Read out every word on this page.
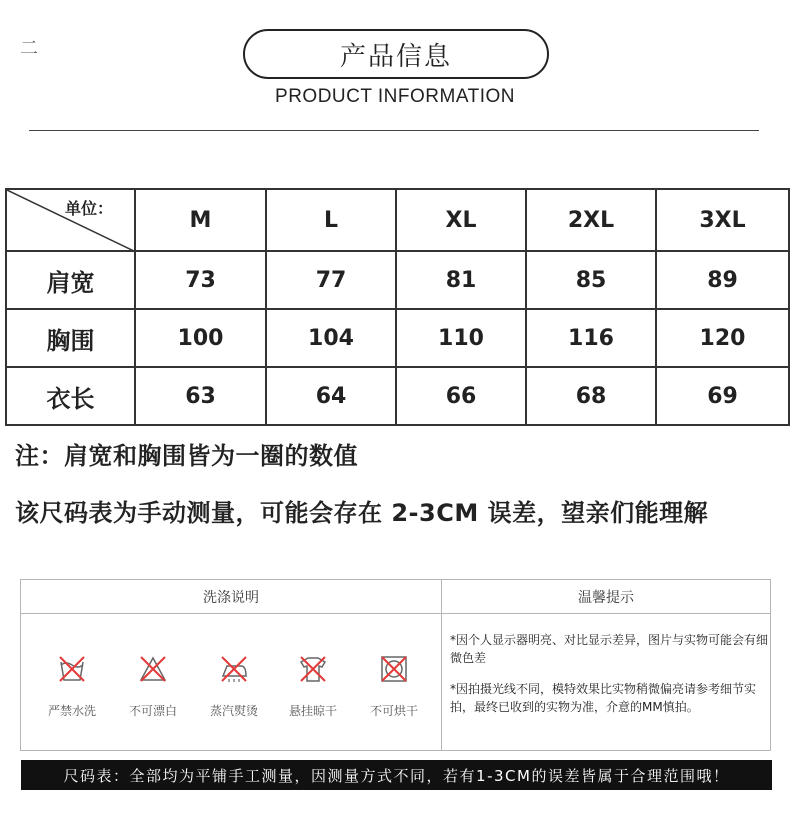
二	产品信息
PRODUCT INFORMATION
单位：	M	L	XL	2XL	3XL
肩宽	73	77	81	85	89
胸围	100	104	110	116	120
衣长	63	64	66	68	69
注：肩宽和胸围皆为一圈的数值
该尺码表为手动测量，可能会存在 2-3CM 误差，望亲们能理解
洗涤说明
严禁水洗	不可漂白	蒸汽熨烫	悬挂晾干	不可烘干
温馨提示
*因个人显示器明亮、对比显示差异，图片与实物可能会有细微色差
*因拍摄光线不同，模特效果比实物稍微偏亮请参考细节实拍，最终已收到的实物为准，介意的MM慎拍。
尺码表：全部均为平铺手工测量，因测量方式不同，若有1-3CM的误差皆属于合理范围哦！
